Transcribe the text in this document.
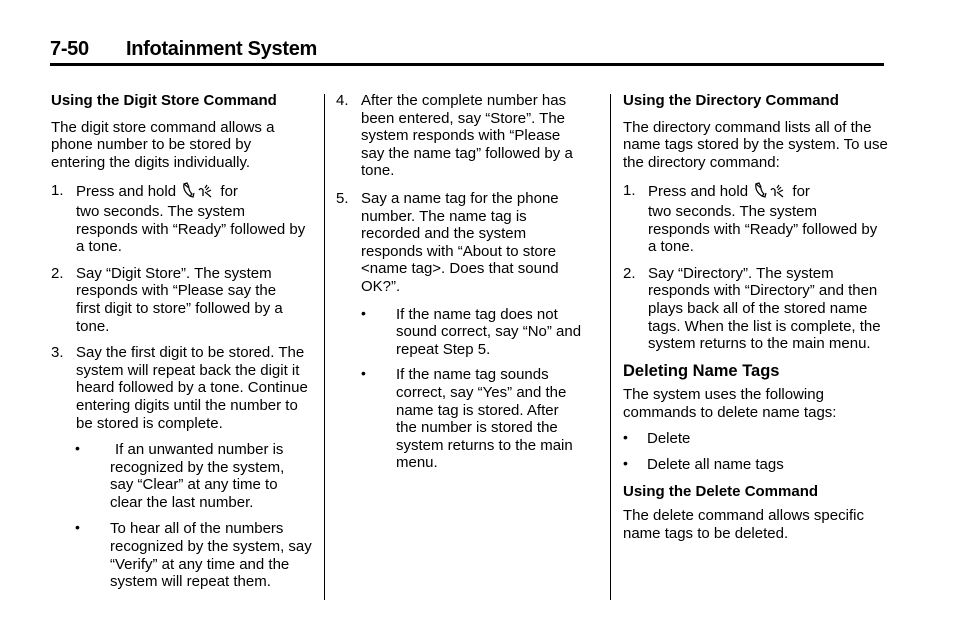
7-50 Infotainment System

Using the Digit Store Command

The digit store command allows a phone number to be stored by entering the digits individually.

1. Press and hold	for
two seconds. The system responds with “Ready” followed by a tone.
2. Say “Digit Store”. The system responds with “Please say the first digit to store” followed by a tone.
3. Say the first digit to be stored. The system will repeat back the digit it heard followed by a tone. Continue entering digits until the number to be stored is complete.
•	If an unwanted number is recognized by the system, say “Clear” at any time to clear the last number.
• To hear all of the numbers recognized by the system, say “Verify” at any time and the system will repeat them.
4. After the complete number has been entered, say “Store”. The system responds with “Please say the name tag” followed by a tone.
5. Say a name tag for the phone number. The name tag is recorded and the system responds with “About to store <name tag>. Does that sound OK?”.
• If the name tag does not sound correct, say “No” and repeat Step 5.
• If the name tag sounds correct, say “Yes” and the name tag is stored. After the number is stored the system returns to the main menu.

Using the Directory Command

The directory command lists all of the name tags stored by the system. To use the directory command:

1. Press and hold	for
two seconds. The system responds with “Ready” followed by a tone.
2. Say “Directory”. The system responds with “Directory” and then plays back all of the stored name tags. When the list is complete, the system returns to the main menu.

Deleting Name Tags

The system uses the following commands to delete name tags:

• Delete
• Delete all name tags

Using the Delete Command

The delete command allows specific name tags to be deleted.
